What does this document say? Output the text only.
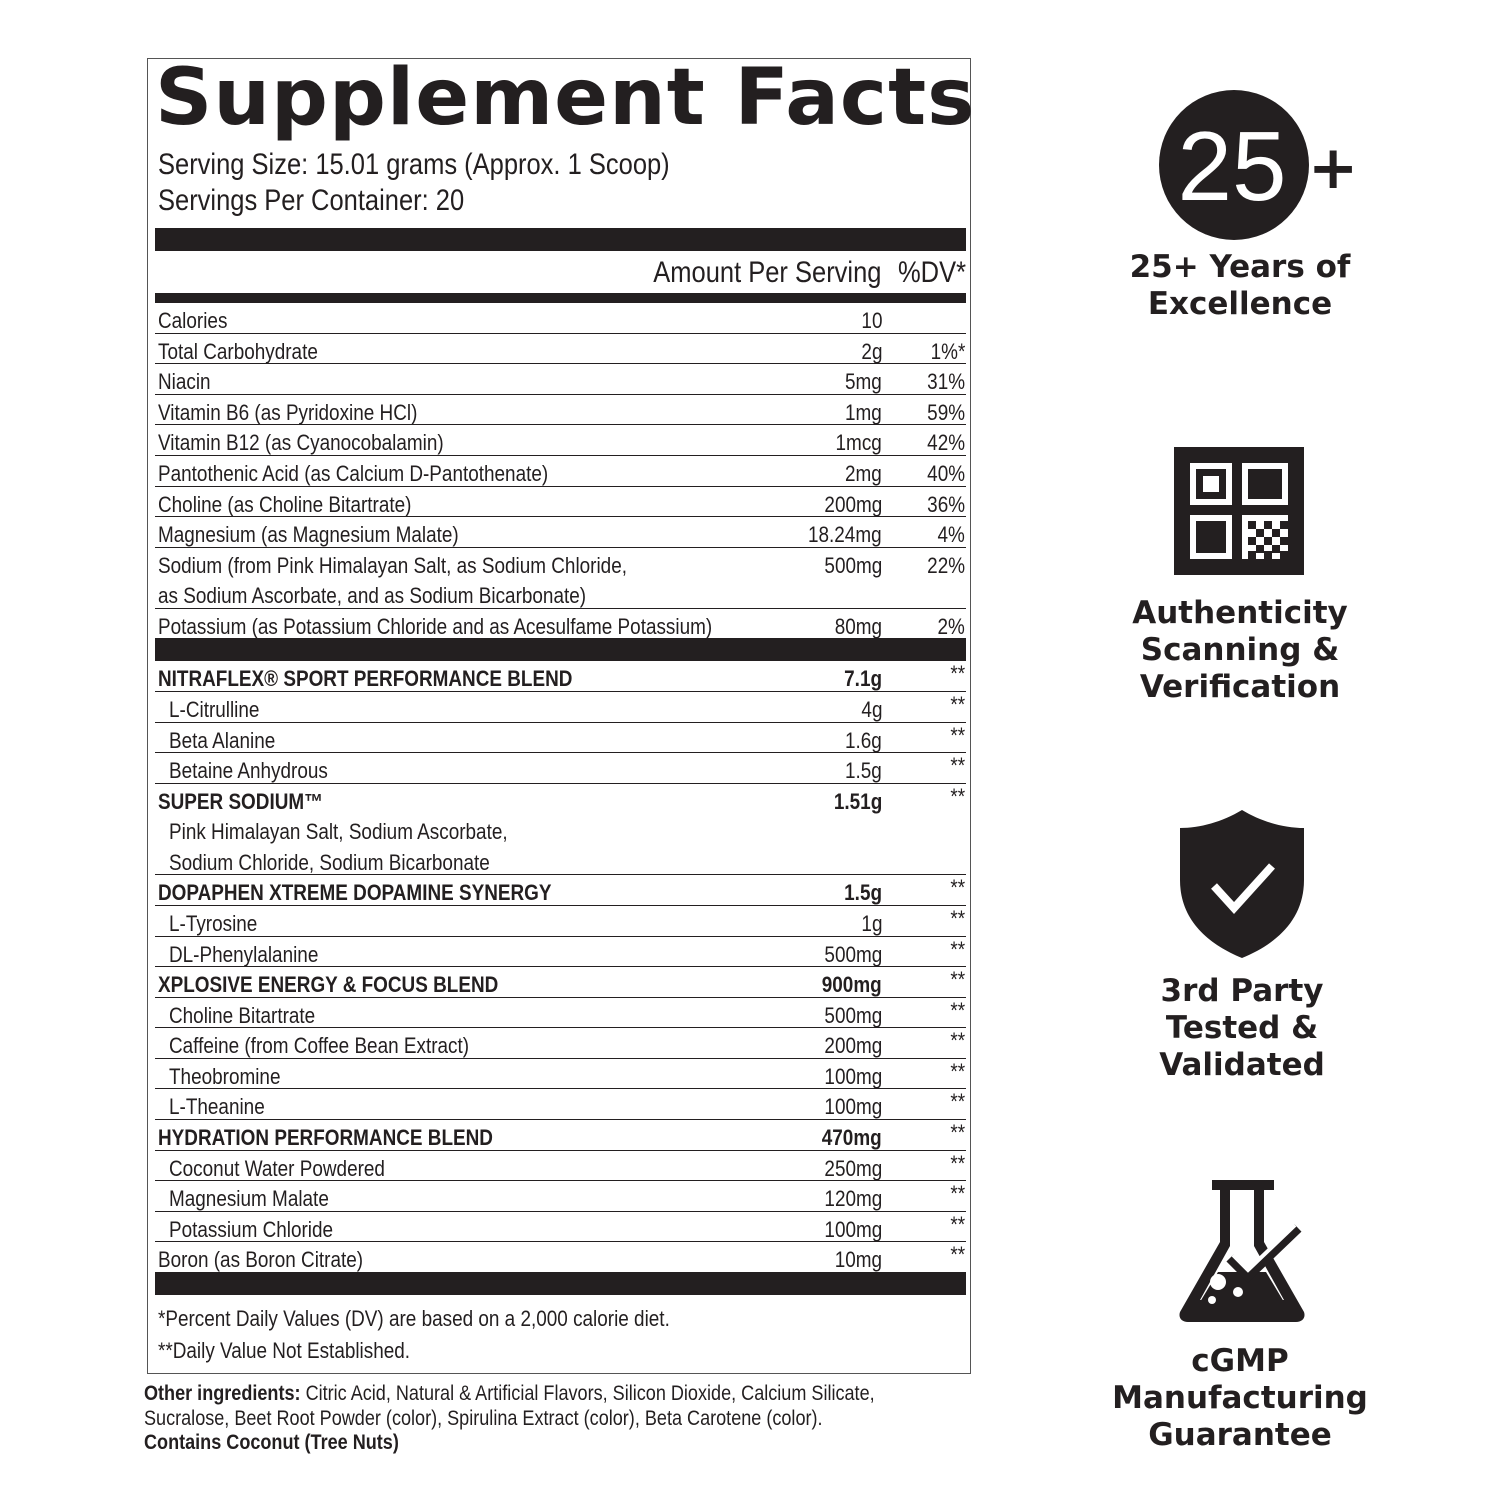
Supplement Facts
Serving Size: 15.01 grams (Approx. 1 Scoop)
Servings Per Container: 20
Amount Per Serving %DV*
Calories	10
Total Carbohydrate	2g 1%*
Niacin	5mg 31%
Vitamin B6 (as Pyridoxine HCl)	1mg 59%
Vitamin B12 (as Cyanocobalamin)	1mcg 42%
Pantothenic Acid (as Calcium D-Pantothenate)	2mg 40%
Choline (as Choline Bitartrate)	200mg 36%
Magnesium (as Magnesium Malate)	18.24mg	4%
Sodium (from Pink Himalayan Salt, as Sodium Chloride,
as Sodium Ascorbate, and as Sodium Bicarbonate)
500mg 22%
Potassium (as Potassium Chloride and as Acesulfame Potassium)	80mg	2%
NITRAFLEX® SPORT PERFORMANCE BLEND	7.1g	**
L-Citrulline	4g	**
Beta Alanine	1.6g	**
Betaine Anhydrous	1.5g	**
SUPER SODIUM™	1.51g	**
Pink Himalayan Salt, Sodium Ascorbate,
Sodium Chloride, Sodium Bicarbonate
DOPAPHEN XTREME DOPAMINE SYNERGY	1.5g	**
L-Tyrosine	1g	**
DL-Phenylalanine	500mg	**
XPLOSIVE ENERGY & FOCUS BLEND	900mg	**
Choline Bitartrate	500mg	**
Caffeine (from Coffee Bean Extract)	200mg	**
Theobromine	100mg	**
L-Theanine	100mg	**
HYDRATION PERFORMANCE BLEND	470mg	**
Coconut Water Powdered	250mg	**
Magnesium Malate	120mg	**
Potassium Chloride	100mg	**
Boron (as Boron Citrate)	10mg	**
*Percent Daily Values (DV) are based on a 2,000 calorie diet.
**Daily Value Not Established.
Other ingredients: Citric Acid, Natural & Artificial Flavors, Silicon Dioxide, Calcium Silicate, Sucralose, Beet Root Powder (color), Spirulina Extract (color), Beta Carotene (color).
Contains Coconut (Tree Nuts)
25 +
25+ Years of
Excellence
Authenticity
Scanning &
Verification
3rd Party
Tested &
Validated
cGMP
Manufacturing
Guarantee
